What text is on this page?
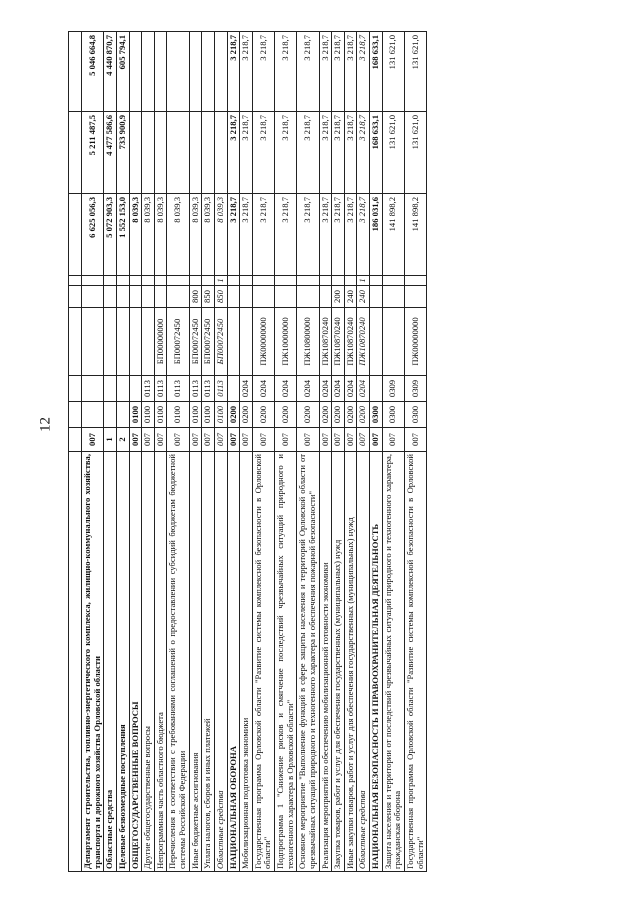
12

Департамент строительства, топливно-энергетического комплекса, жилищно-коммунального хозяйства, транспорта и дорожного хозяйства Орловской области	007						6 625 056,3	5 211 487,5	5 046 664,8
Областные средства	1						5 072 903,3	4 477 586,6	4 440 870,7
Целевые безвозмездные поступления	2						1 552 153,0	733 900,9	605 794,1
ОБЩЕГОСУДАРСТВЕННЫЕ ВОПРОСЫ	007	0100					8 039,3		
Другие общегосударственные вопросы	007	0100	0113				8 039,3		
Непрограммная часть областного бюджета	007	0100	0113	БП00000000			8 039,3		
Перечисления в соответствии с требованиями соглашений о предоставлении субсидий бюджетам бюджетной системы Российской Федерации	007	0100	0113	БП00072450			8 039,3		
Иные бюджетные ассигнования	007	0100	0113	БП00072450	800		8 039,3		
Уплата налогов, сборов и иных платежей	007	0100	0113	БП00072450	850		8 039,3		
Областные средства	007	0100	0113	БП00072450	850	1	8 039,3		
НАЦИОНАЛЬНАЯ ОБОРОНА	007	0200					3 218,7	3 218,7	3 218,7
Мобилизационная подготовка экономики	007	0200	0204				3 218,7	3 218,7	3 218,7
Государственная программа Орловской области "Развитие системы комплексной безопасности в Орловской области"	007	0200	0204	ПЖ00000000			3 218,7	3 218,7	3 218,7
Подпрограмма 1 "Снижение рисков и смягчение последствий чрезвычайных ситуаций природного и техногенного характера в Орловской области"	007	0200	0204	ПЖ10000000			3 218,7	3 218,7	3 218,7
Основное мероприятие "Выполнение функций в сфере защиты населения и территорий Орловской области от чрезвычайных ситуаций природного и техногенного характера и обеспечения пожарной безопасности"	007	0200	0204	ПЖ10800000			3 218,7	3 218,7	3 218,7
Реализация мероприятий по обеспечению мобилизационной готовности экономики	007	0200	0204	ПЖ10870240			3 218,7	3 218,7	3 218,7
Закупка товаров, работ и услуг для обеспечения государственных (муниципальных) нужд	007	0200	0204	ПЖ10870240	200		3 218,7	3 218,7	3 218,7
Иные закупки товаров, работ и услуг для обеспечения государственных (муниципальных) нужд	007	0200	0204	ПЖ10870240	240		3 218,7	3 218,7	3 218,7
Областные средства	007	0200	0204	ПЖ10870240	240	1	3 218,7	3 218,7	3 218,7
НАЦИОНАЛЬНАЯ БЕЗОПАСНОСТЬ И ПРАВООХРАНИТЕЛЬНАЯ ДЕЯТЕЛЬНОСТЬ	007	0300					186 031,6	168 633,1	168 633,1
Защита населения и территории от последствий чрезвычайных ситуаций природного и техногенного характера, гражданская оборона	007	0300	0309				141 898,2	131 621,0	131 621,0
Государственная программа Орловской области "Развитие системы комплексной безопасности в Орловской области"	007	0300	0309	ПЖ00000000			141 898,2	131 621,0	131 621,0
